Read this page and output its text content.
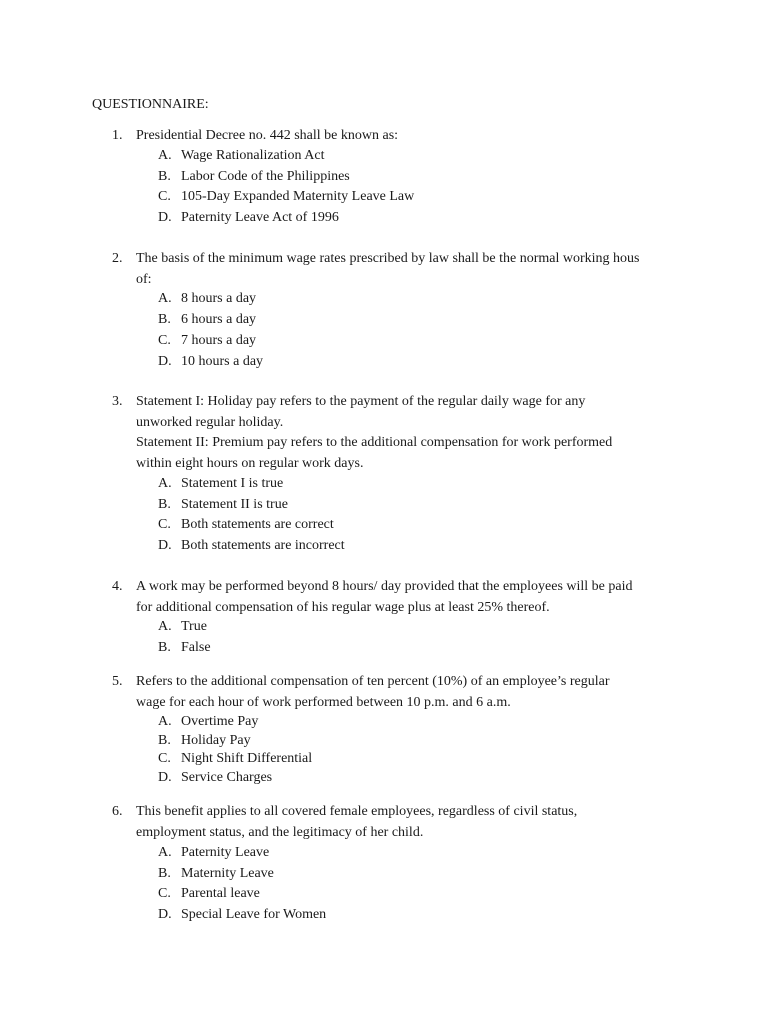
QUESTIONNAIRE:
1. Presidential Decree no. 442 shall be known as:
A. Wage Rationalization Act
B. Labor Code of the Philippines
C. 105-Day Expanded Maternity Leave Law
D. Paternity Leave Act of 1996
2. The basis of the minimum wage rates prescribed by law shall be the normal working hous
of:
A. 8 hours a day
B. 6 hours a day
C. 7 hours a day
D. 10 hours a day
3. Statement I: Holiday pay refers to the payment of the regular daily wage for any
unworked regular holiday.
Statement II: Premium pay refers to the additional compensation for work performed
within eight hours on regular work days.
A. Statement I is true
B. Statement II is true
C. Both statements are correct
D. Both statements are incorrect
4. A work may be performed beyond 8 hours/ day provided that the employees will be paid
for additional compensation of his regular wage plus at least 25% thereof.
A. True
B. False
5. Refers to the additional compensation of ten percent (10%) of an employee’s regular
wage for each hour of work performed between 10 p.m. and 6 a.m.
A. Overtime Pay
B. Holiday Pay
C. Night Shift Differential
D. Service Charges
6. This benefit applies to all covered female employees, regardless of civil status,
employment status, and the legitimacy of her child.
A. Paternity Leave
B. Maternity Leave
C. Parental leave
D. Special Leave for Women
